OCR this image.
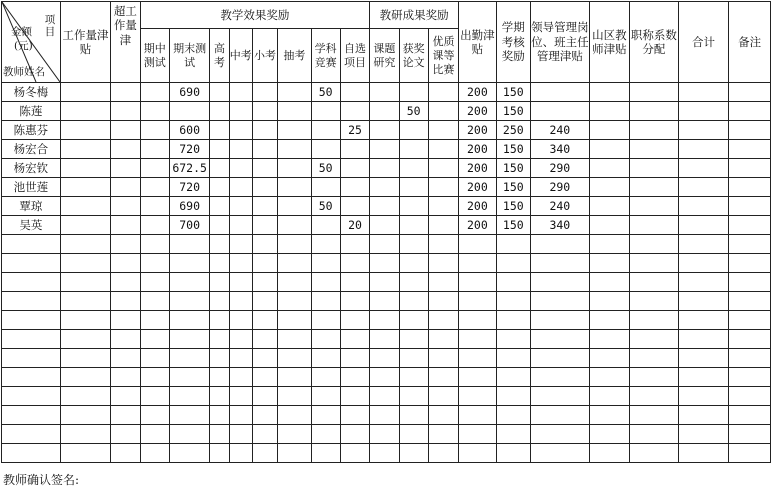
项目
金额
(元)
教师姓名	工作量津贴	超工作量津	教学效果奖励								教研成果奖励			出勤津贴	学期考核奖励	领导管理岗位、班主任管理津贴	山区教师津贴	职称系数分配	合计	备注
			期中测试	期末测试	高考	中考	小考	抽考	学科竞赛	自选项目	课题研究	获奖论文	优质课等比赛							
杨冬梅				690					50					200	150					
陈莲												50		200	150					
陈惠芬				600						25				200	250	240				
杨宏合				720										200	150	340				
杨宏钦				672.5					50					200	150	290				
池世莲				720										200	150	290				
覃琼				690					50					200	150	240				
吴英				700						20				200	150	340				

教师确认签名:
